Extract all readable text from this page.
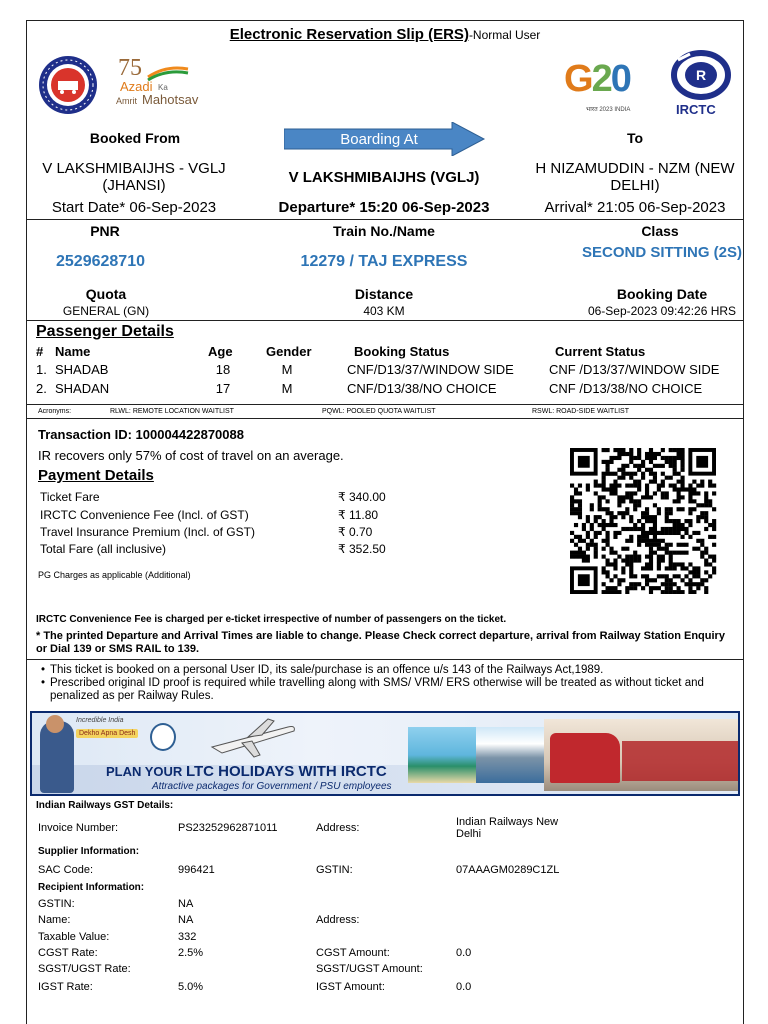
Electronic Reservation Slip (ERS)-Normal User
75
Azadi Ka
Amrit Mahotsav	G20
भारत 2023 INDIA
R
IRCTC
Booked From	Boarding At	To
V LAKSHMIBAIJHS - VGLJ (JHANSI)	V LAKSHMIBAIJHS (VGLJ)
H NIZAMUDDIN - NZM (NEW DELHI)
Start Date* 06-Sep-2023	Departure* 15:20 06-Sep-2023	Arrival* 21:05 06-Sep-2023
PNR	Train No./Name	Class
2529628710	12279 / TAJ EXPRESS
SECOND SITTING (2S)
Quota	Distance	Booking Date
GENERAL (GN)	403 KM	06-Sep-2023 09:42:26 HRS
Passenger Details
# Name	Age	Gender	Booking Status	Current Status
1. SHADAB	18	M	CNF/D13/37/WINDOW SIDE	CNF /D13/37/WINDOW SIDE
2. SHADAN	17	M	CNF/D13/38/NO CHOICE	CNF /D13/38/NO CHOICE
Acronyms:	RLWL: REMOTE LOCATION WAITLIST	PQWL: POOLED QUOTA WAITLIST	RSWL: ROAD-SIDE WAITLIST
Transaction ID: 100004422870088
IR recovers only 57% of cost of travel on an average.
Payment Details
Ticket Fare	₹ 340.00
IRCTC Convenience Fee (Incl. of GST)	₹ 11.80
Travel Insurance Premium (Incl. of GST)	₹ 0.70
Total Fare (all inclusive)	₹ 352.50
PG Charges as applicable (Additional)
IRCTC Convenience Fee is charged per e-ticket irrespective of number of passengers on the ticket.
* The printed Departure and Arrival Times are liable to change. Please Check correct departure, arrival from Railway Station Enquiry or Dial 139 or SMS RAIL to 139.
• This ticket is booked on a personal User ID, its sale/purchase is an offence u/s 143 of the Railways Act,1989.
• Prescribed original ID proof is required while travelling along with SMS/ VRM/ ERS otherwise will be treated as without ticket and penalized as per Railway Rules.
Incredible India
Dekho Apna Desh
PLAN YOUR LTC HOLIDAYS WITH IRCTC
Attractive packages for Government / PSU employees
Indian Railways GST Details:
Invoice Number:	PS23252962871011	Address:	Indian Railways New Delhi
Supplier Information:
SAC Code:	996421	GSTIN:	07AAAGM0289C1ZL
Recipient Information:
GSTIN:	NA
Name:	NA	Address:
Taxable Value:	332
CGST Rate:	2.5%	CGST Amount:	0.0
SGST/UGST Rate:	SGST/UGST Amount:
IGST Rate:	5.0%	IGST Amount:	0.0
